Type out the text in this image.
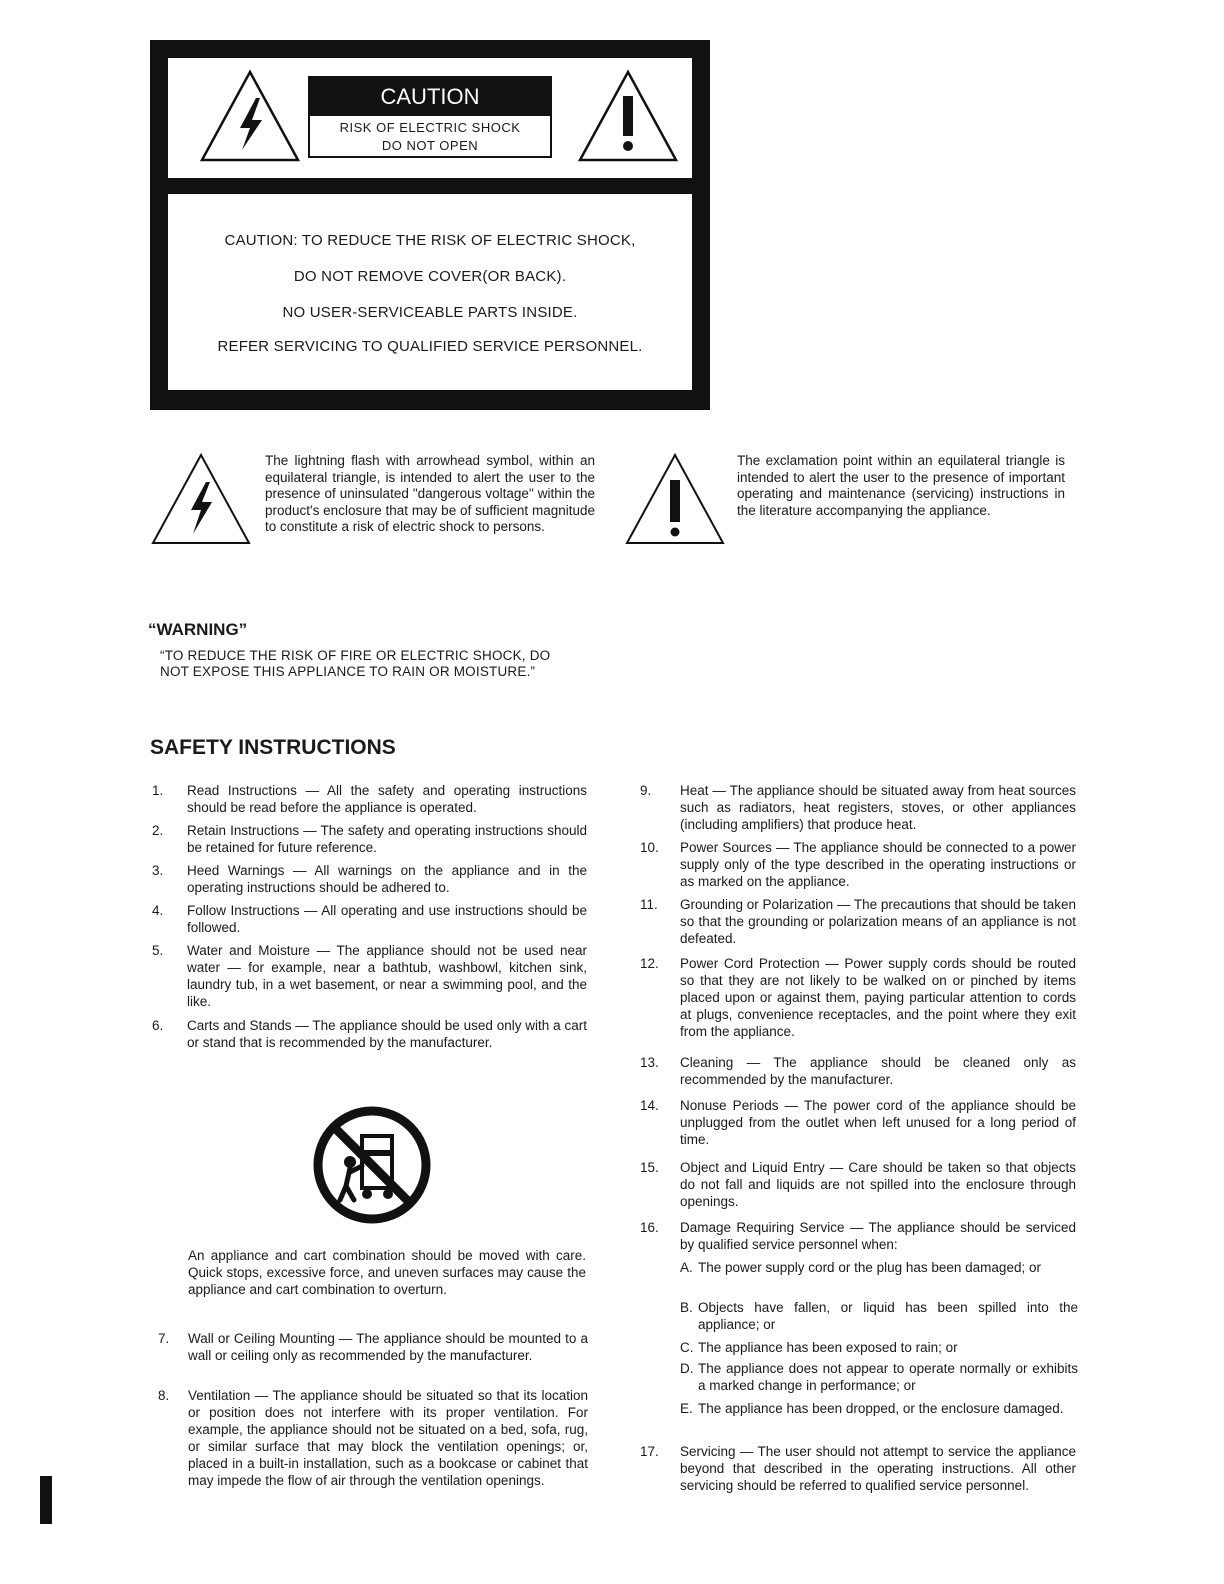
CAUTION
RISK OF ELECTRIC SHOCK
DO NOT OPEN
CAUTION: TO REDUCE THE RISK OF ELECTRIC SHOCK,
DO NOT REMOVE COVER(OR BACK).
NO USER-SERVICEABLE PARTS INSIDE.
REFER SERVICING TO QUALIFIED SERVICE PERSONNEL.
The lightning flash with arrowhead symbol, within an equilateral triangle, is intended to alert the user to the presence of uninsulated "dangerous voltage" within the product's enclosure that may be of sufficient magnitude to constitute a risk of electric shock to persons.
The exclamation point within an equilateral triangle is intended to alert the user to the presence of important operating and maintenance (servicing) instructions in the literature accompanying the appliance.
“WARNING”
“TO REDUCE THE RISK OF FIRE OR ELECTRIC SHOCK, DO NOT EXPOSE THIS APPLIANCE TO RAIN OR MOISTURE.”
SAFETY INSTRUCTIONS
1.	Read Instructions — All the safety and operating instructions should be read before the appliance is operated.
2.	Retain Instructions — The safety and operating instructions should be retained for future reference.
3.	Heed Warnings — All warnings on the appliance and in the operating instructions should be adhered to.
4.	Follow Instructions — All operating and use instructions should be followed.
5.	Water and Moisture — The appliance should not be used near water — for example, near a bathtub, washbowl, kitchen sink, laundry tub, in a wet basement, or near a swimming pool, and the like.
6.	Carts and Stands — The appliance should be used only with a cart or stand that is recommended by the manufacturer.
An appliance and cart combination should be moved with care. Quick stops, excessive force, and uneven surfaces may cause the appliance and cart combination to overturn.
7.	Wall or Ceiling Mounting — The appliance should be mounted to a wall or ceiling only as recommended by the manufacturer.
8.	Ventilation — The appliance should be situated so that its location or position does not interfere with its proper ventilation. For example, the appliance should not be situated on a bed, sofa, rug, or similar surface that may block the ventilation openings; or, placed in a built-in installation, such as a bookcase or cabinet that may impede the flow of air through the ventilation openings.
9.	Heat — The appliance should be situated away from heat sources such as radiators, heat registers, stoves, or other appliances (including amplifiers) that produce heat.
10.	Power Sources — The appliance should be connected to a power supply only of the type described in the operating instructions or as marked on the appliance.
11.	Grounding or Polarization — The precautions that should be taken so that the grounding or polarization means of an appliance is not defeated.
12.	Power Cord Protection — Power supply cords should be routed so that they are not likely to be walked on or pinched by items placed upon or against them, paying particular attention to cords at plugs, convenience receptacles, and the point where they exit from the appliance.
13.	Cleaning — The appliance should be cleaned only as recommended by the manufacturer.
14.	Nonuse Periods — The power cord of the appliance should be unplugged from the outlet when left unused for a long period of time.
15.	Object and Liquid Entry — Care should be taken so that objects do not fall and liquids are not spilled into the enclosure through openings.
16.	Damage Requiring Service — The appliance should be serviced by qualified service personnel when:
A. The power supply cord or the plug has been damaged; or
B. Objects have fallen, or liquid has been spilled into the appliance; or
C. The appliance has been exposed to rain; or
D. The appliance does not appear to operate normally or exhibits a marked change in performance; or
E. The appliance has been dropped, or the enclosure damaged.
17.	Servicing — The user should not attempt to service the appliance beyond that described in the operating instructions. All other servicing should be referred to qualified service personnel.
